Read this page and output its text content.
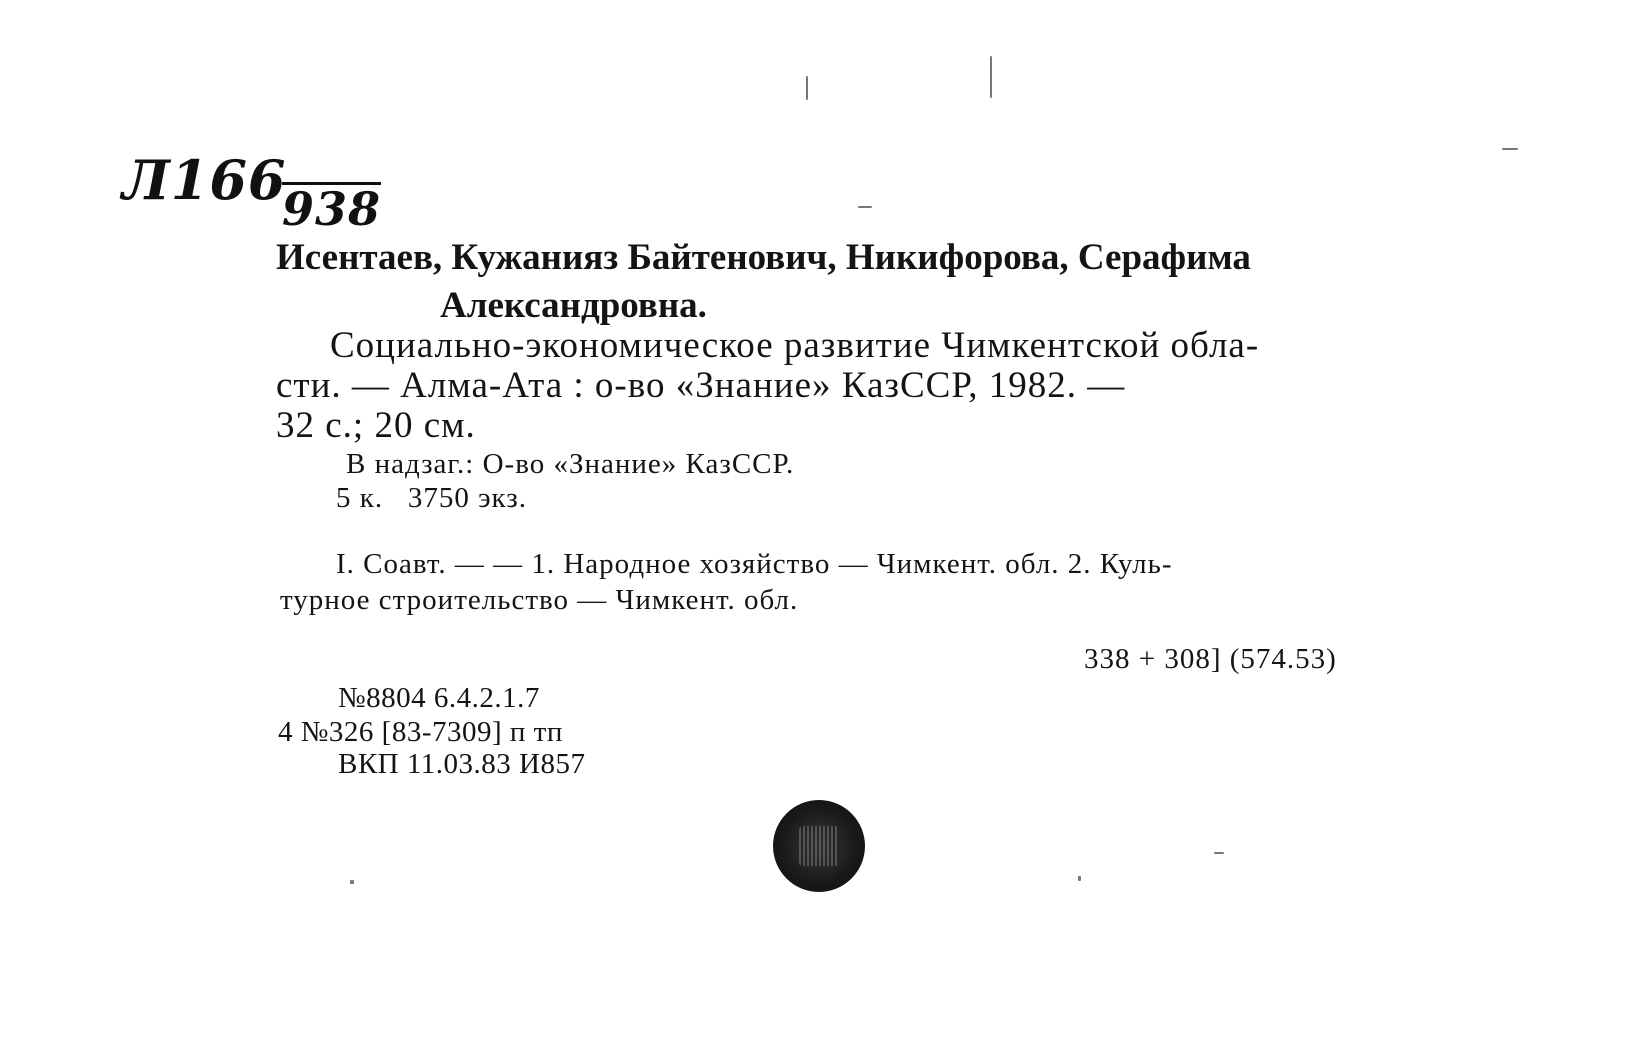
Л166
938
Исентаев, Кужанияз Байтенович, Никифорова, Серафима
Александровна.
Социально-экономическое развитие Чимкентской обла-
сти. — Алма-Ата : о-во «Знание» КазССР, 1982. —
32 с.; 20 см.
В надзаг.: О-во «Знание» КазССР.
5 к.   3750 экз.
I. Соавт. — — 1. Народное хозяйство — Чимкент. обл. 2. Куль-
турное строительство — Чимкент. обл.
338 + 308] (574.53)
№8804 6.4.2.1.7
4 №326 [83-7309] п тп
ВКП 11.03.83 И857
